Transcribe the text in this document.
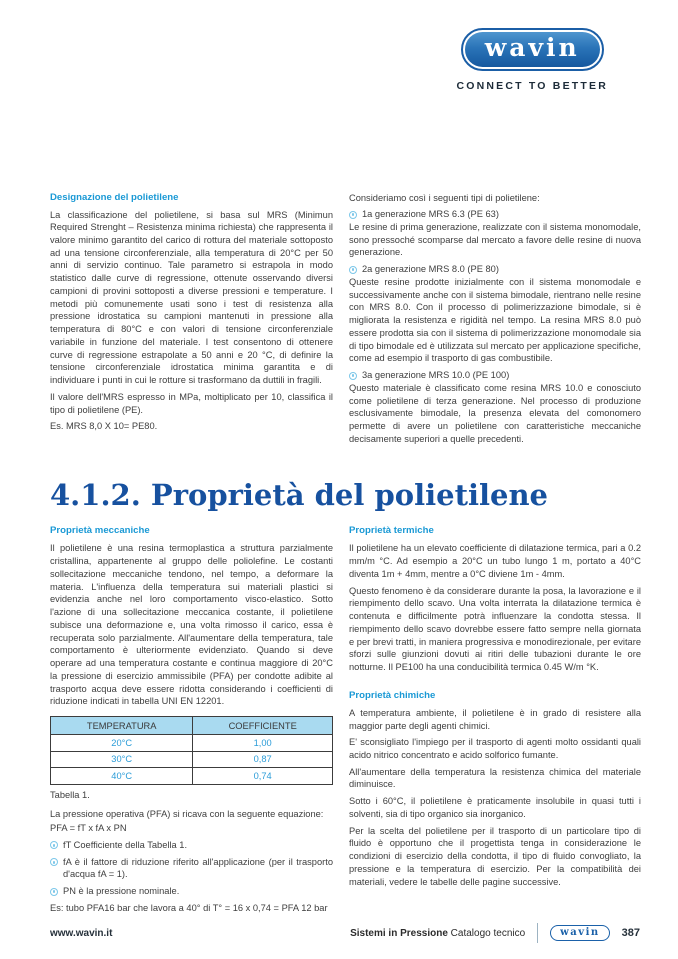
wavin
CONNECT TO BETTER
Designazione del polietilene

La classificazione del polietilene, si basa sul MRS (Minimun Required Strenght – Resistenza minima richiesta) che rappresenta il valore minimo garantito del carico di rottura del materiale sottoposto ad una tensione circonferenziale, alla temperatura di 20°C per 50 anni di servizio continuo. Tale parametro si estrapola in modo statistico dalle curve di regressione, ottenute osservando diversi campioni di provini sottoposti a diverse pressioni e temperature. I metodi più comunemente usati sono i test di resistenza alla pressione idrostatica su campioni mantenuti in pressione alla temperatura di 80°C e con valori di tensione circonferenziale variabile in funzione del materiale. I test consentono di ottenere curve di regressione estrapolate a 50 anni e 20 °C, di definire la tensione circonferenziale idrostatica minima garantita e di individuare i punti in cui le rotture si trasformano da duttili in fragili.

Il valore dell'MRS espresso in MPa, moltiplicato per 10, classifica il tipo di polietilene (PE).

Es. MRS 8,0 X 10= PE80.

Consideriamo così i seguenti tipi di polietilene:

1a generazione MRS 6.3 (PE 63)

Le resine di prima generazione, realizzate con il sistema monomodale, sono pressoché scomparse dal mercato a favore delle resine di nuova generazione.

2a generazione MRS 8.0 (PE 80)

Queste resine prodotte inizialmente con il sistema monomodale e successivamente anche con il sistema bimodale, rientrano nelle resine con MRS 8.0. Con il processo di polimerizzazione bimodale, si è migliorata la resistenza e rigidità nel tempo. La resina MRS 8.0 può essere prodotta sia con il sistema di polimerizzazione monomodale sia di tipo bimodale ed è utilizzata sul mercato per applicazione specifiche, come ad esempio il trasporto di gas combustibile.

3a generazione MRS 10.0 (PE 100)

Questo materiale è classificato come resina MRS 10.0 e conosciuto come polietilene di terza generazione. Nel processo di produzione esclusivamente bimodale, la presenza elevata del comonomero permette di avere un polietilene con caratteristiche meccaniche decisamente superiori a quelle precedenti.

4.1.2. Proprietà del polietilene
Proprietà meccaniche

Il polietilene è una resina termoplastica a struttura parzialmente cristallina, appartenente al gruppo delle poliolefine. Le costanti sollecitazione meccaniche tendono, nel tempo, a deformare la materia. L'influenza della temperatura sui materiali plastici si evidenzia anche nel loro comportamento visco-elastico. Sotto l'azione di una sollecitazione meccanica costante, il polietilene subisce una deformazione e, una volta rimosso il carico, essa è recuperata solo parzialmente. All'aumentare della temperatura, tale comportamento è ulteriormente evidenziato. Quando si deve operare ad una temperatura costante e continua maggiore di 20°C la pressione di esercizio ammissibile (PFA) per condotte adibite al trasporto acqua deve essere ridotta considerando i coefficienti di riduzione indicati in tabella UNI EN 12201.

TEMPERATURA	COEFFICIENTE
20°C	1,00
30°C	0,87
40°C	0,74
Tabella 1.

La pressione operativa (PFA) si ricava con la seguente equazione:

PFA = fT x fA x PN
fT Coefficiente della Tabella 1.
fA è il fattore di riduzione riferito all'applicazione (per il trasporto d'acqua fA = 1).
PN è la pressione nominale.
Es: tubo PFA16 bar che lavora a 40° di T° = 16 x 0,74 = PFA 12 bar
Proprietà termiche

Il polietilene ha un elevato coefficiente di dilatazione termica, pari a 0.2 mm/m °C. Ad esempio a 20°C un tubo lungo 1 m, portato a 40°C diventa 1m + 4mm, mentre a 0°C diviene 1m - 4mm.

Questo fenomeno è da considerare durante la posa, la lavorazione e il riempimento dello scavo. Una volta interrata la dilatazione termica è contenuta e difficilmente potrà influenzare la condotta stessa. Il riempimento dello scavo dovrebbe essere fatto sempre nella giornata e per brevi tratti, in maniera progressiva e monodirezionale, per evitare sforzi sulle giunzioni dovuti ai ritiri delle tubazioni durante le ore notturne. Il PE100 ha una conducibilità termica 0.45 W/m °K.

Proprietà chimiche

A temperatura ambiente, il polietilene è in grado di resistere alla maggior parte degli agenti chimici.

E' sconsigliato l'impiego per il trasporto di agenti molto ossidanti quali acido nitrico concentrato e acido solforico fumante.

All'aumentare della temperatura la resistenza chimica del materiale diminuisce.

Sotto i 60°C, il polietilene è praticamente insolubile in quasi tutti i solventi, sia di tipo organico sia inorganico.

Per la scelta del polietilene per il trasporto di un particolare tipo di fluido è opportuno che il progettista tenga in considerazione le condizioni di esercizio della condotta, il tipo di fluido convogliato, la pressione e la temperatura di esercizio. Per la compatibilità dei materiali, vedere le tabelle delle pagine successive.

www.wavin.it	Sistemi in Pressione Catalogo tecnico	wavin	387
